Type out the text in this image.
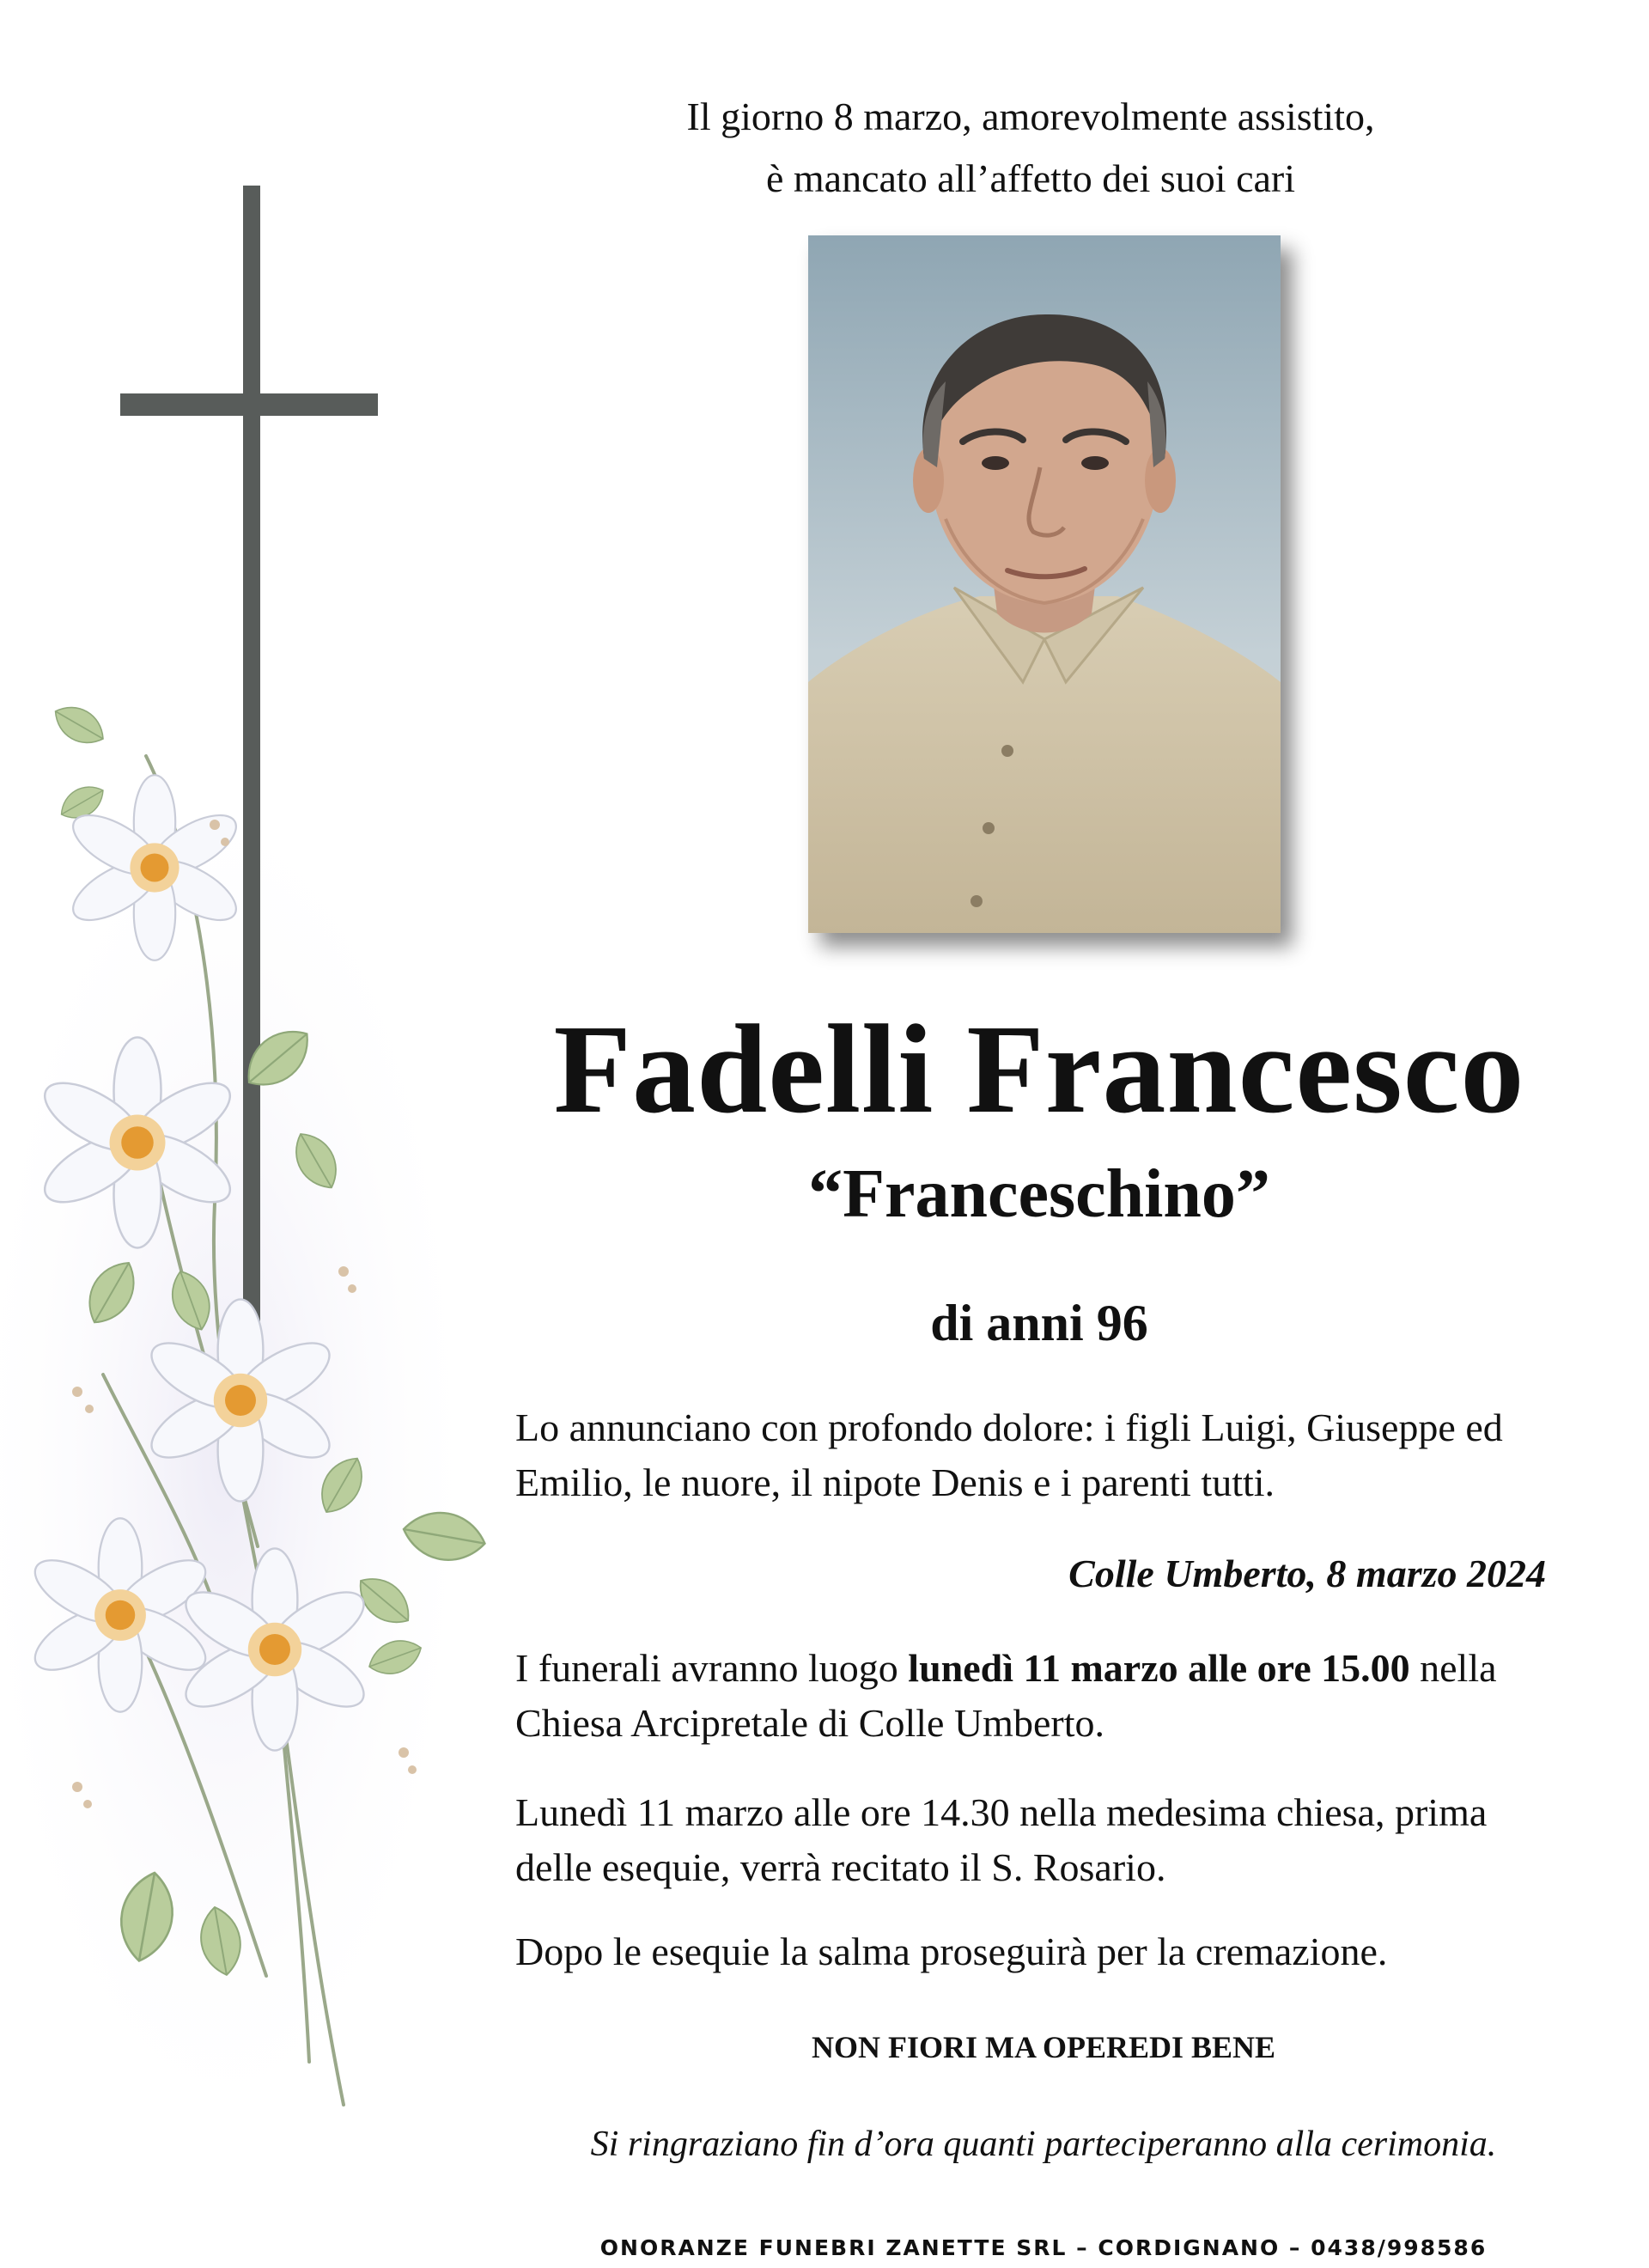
Il giorno 8 marzo, amorevolmente assistito,
è mancato all’affetto dei suoi cari
Fadelli Francesco
“Franceschino”
di anni 96
Lo annunciano con profondo dolore: i figli Luigi, Giuseppe ed Emilio, le nuore, il nipote Denis e i parenti tutti.
Colle Umberto, 8 marzo 2024
I funerali avranno luogo lunedì 11 marzo alle ore 15.00 nella Chiesa Arcipretale di Colle Umberto.
Lunedì 11 marzo alle ore 14.30 nella medesima chiesa, prima delle esequie, verrà recitato il S. Rosario.
Dopo le esequie la salma proseguirà per la cremazione.
NON FIORI MA OPEREDI BENE
Si ringraziano fin d’ora quanti parteciperanno alla cerimonia.
ONORANZE FUNEBRI ZANETTE SRL – CORDIGNANO – 0438/998586
